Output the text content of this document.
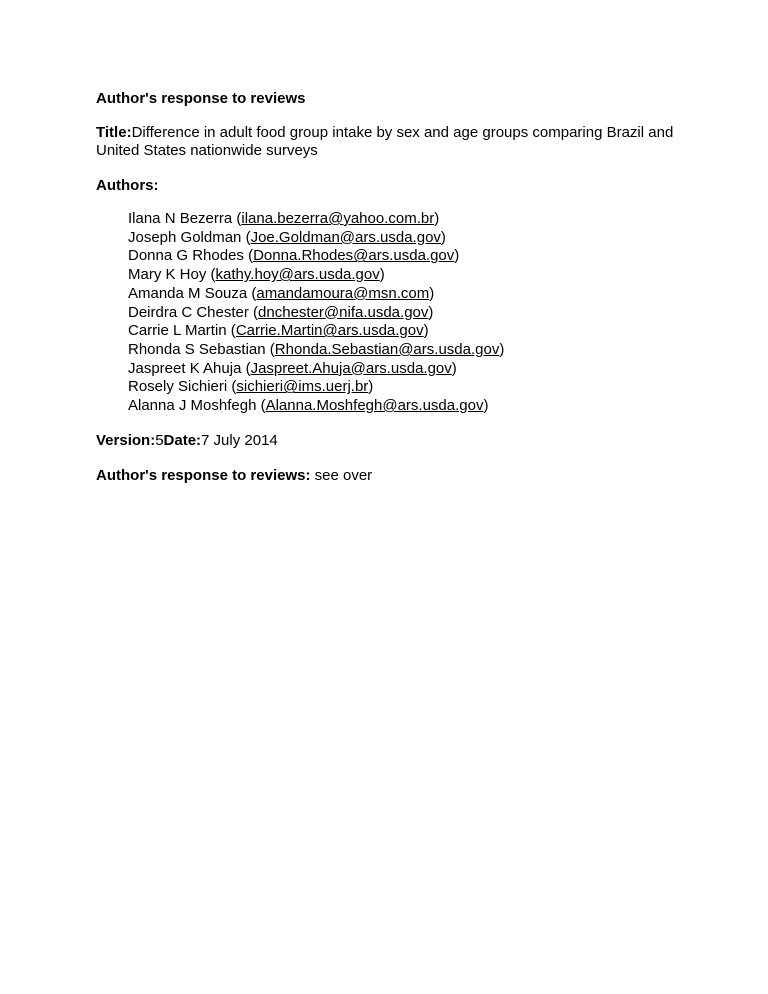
Author's response to reviews
Title:Difference in adult food group intake by sex and age groups comparing Brazil and United States nationwide surveys
Authors:
Ilana N Bezerra (ilana.bezerra@yahoo.com.br)
Joseph Goldman (Joe.Goldman@ars.usda.gov)
Donna G Rhodes (Donna.Rhodes@ars.usda.gov)
Mary K Hoy (kathy.hoy@ars.usda.gov)
Amanda M Souza (amandamoura@msn.com)
Deirdra C Chester (dnchester@nifa.usda.gov)
Carrie L Martin (Carrie.Martin@ars.usda.gov)
Rhonda S Sebastian (Rhonda.Sebastian@ars.usda.gov)
Jaspreet K Ahuja (Jaspreet.Ahuja@ars.usda.gov)
Rosely Sichieri (sichieri@ims.uerj.br)
Alanna J Moshfegh (Alanna.Moshfegh@ars.usda.gov)
Version:5Date:7 July 2014
Author's response to reviews: see over
